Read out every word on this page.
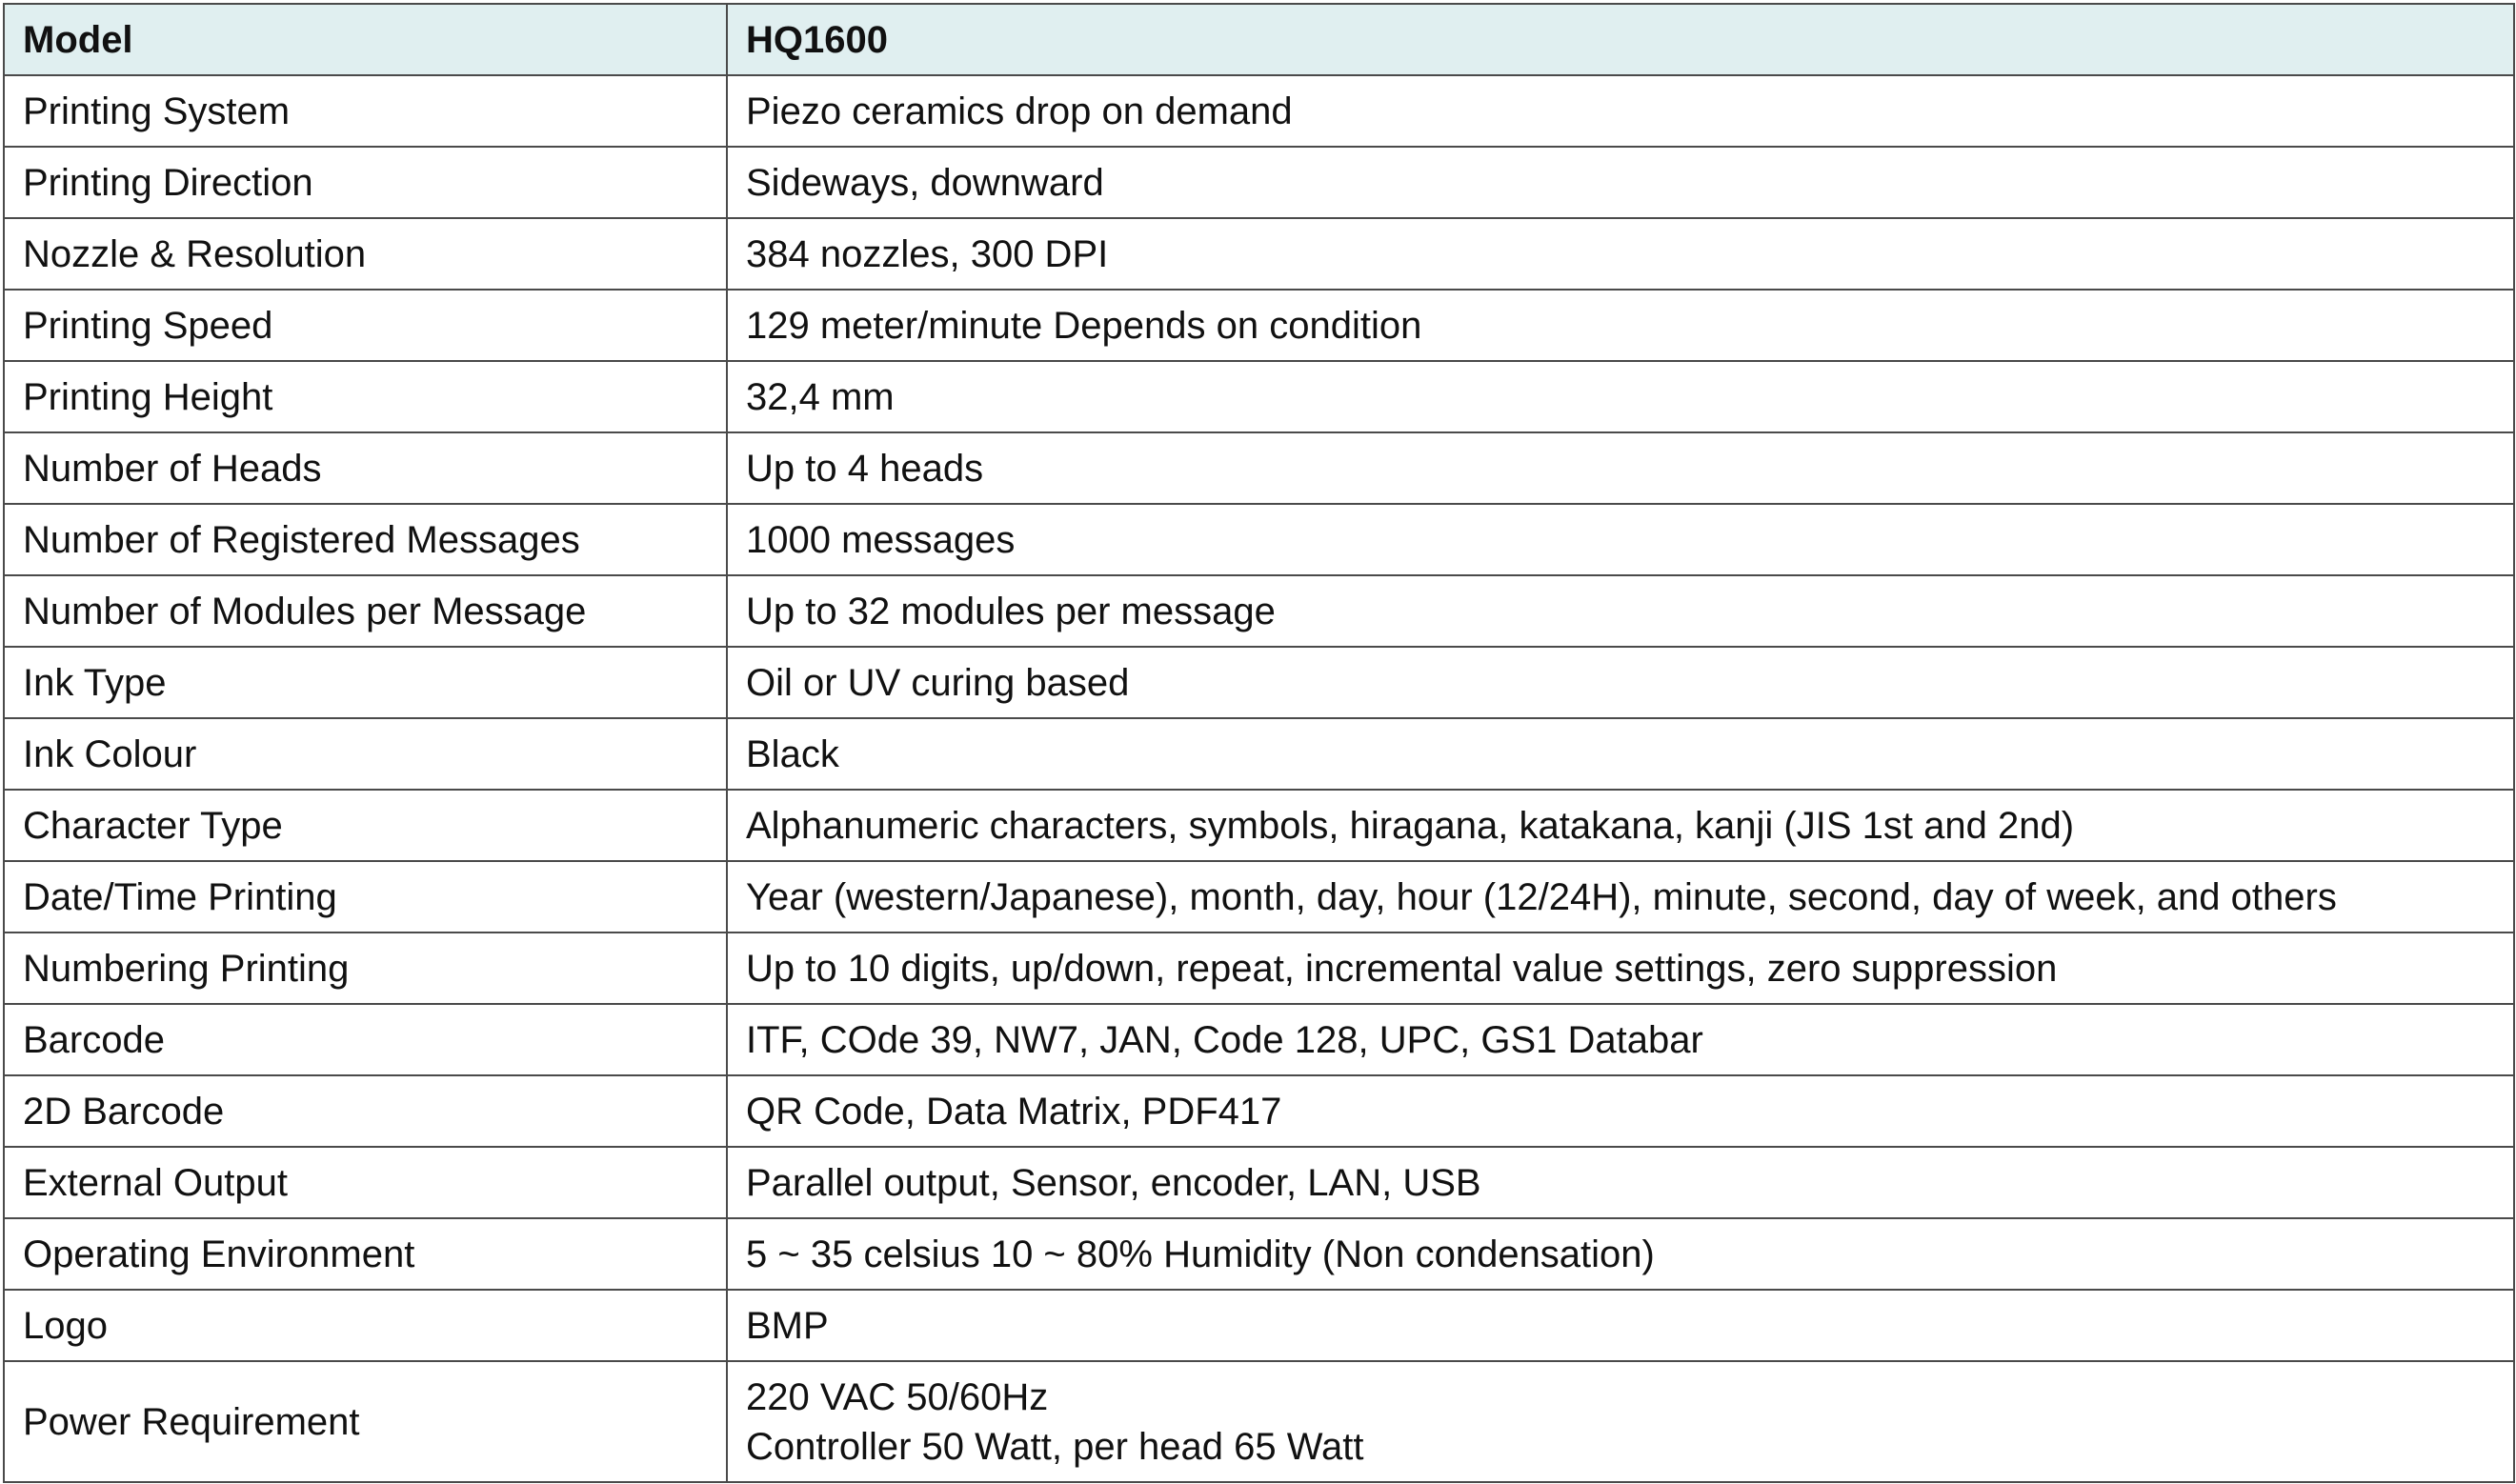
Model	HQ1600
Printing System	Piezo ceramics drop on demand
Printing Direction	Sideways, downward
Nozzle & Resolution	384 nozzles, 300 DPI
Printing Speed	129 meter/minute Depends on condition
Printing Height	32,4 mm
Number of Heads	Up to 4 heads
Number of Registered Messages	1000 messages
Number of Modules per Message	Up to 32 modules per message
Ink Type	Oil or UV curing based
Ink Colour	Black
Character Type	Alphanumeric characters, symbols, hiragana, katakana, kanji (JIS 1st and 2nd)
Date/Time Printing	Year (western/Japanese), month, day, hour (12/24H), minute, second, day of week, and others
Numbering Printing	Up to 10 digits, up/down, repeat, incremental value settings, zero suppression
Barcode	ITF, COde 39, NW7, JAN, Code 128, UPC, GS1 Databar
2D Barcode	QR Code, Data Matrix, PDF417
External Output	Parallel output, Sensor, encoder, LAN, USB
Operating Environment	5 ~ 35 celsius 10 ~ 80% Humidity (Non condensation)
Logo	BMP
Power Requirement	220 VAC 50/60Hz
Controller 50 Watt, per head 65 Watt
